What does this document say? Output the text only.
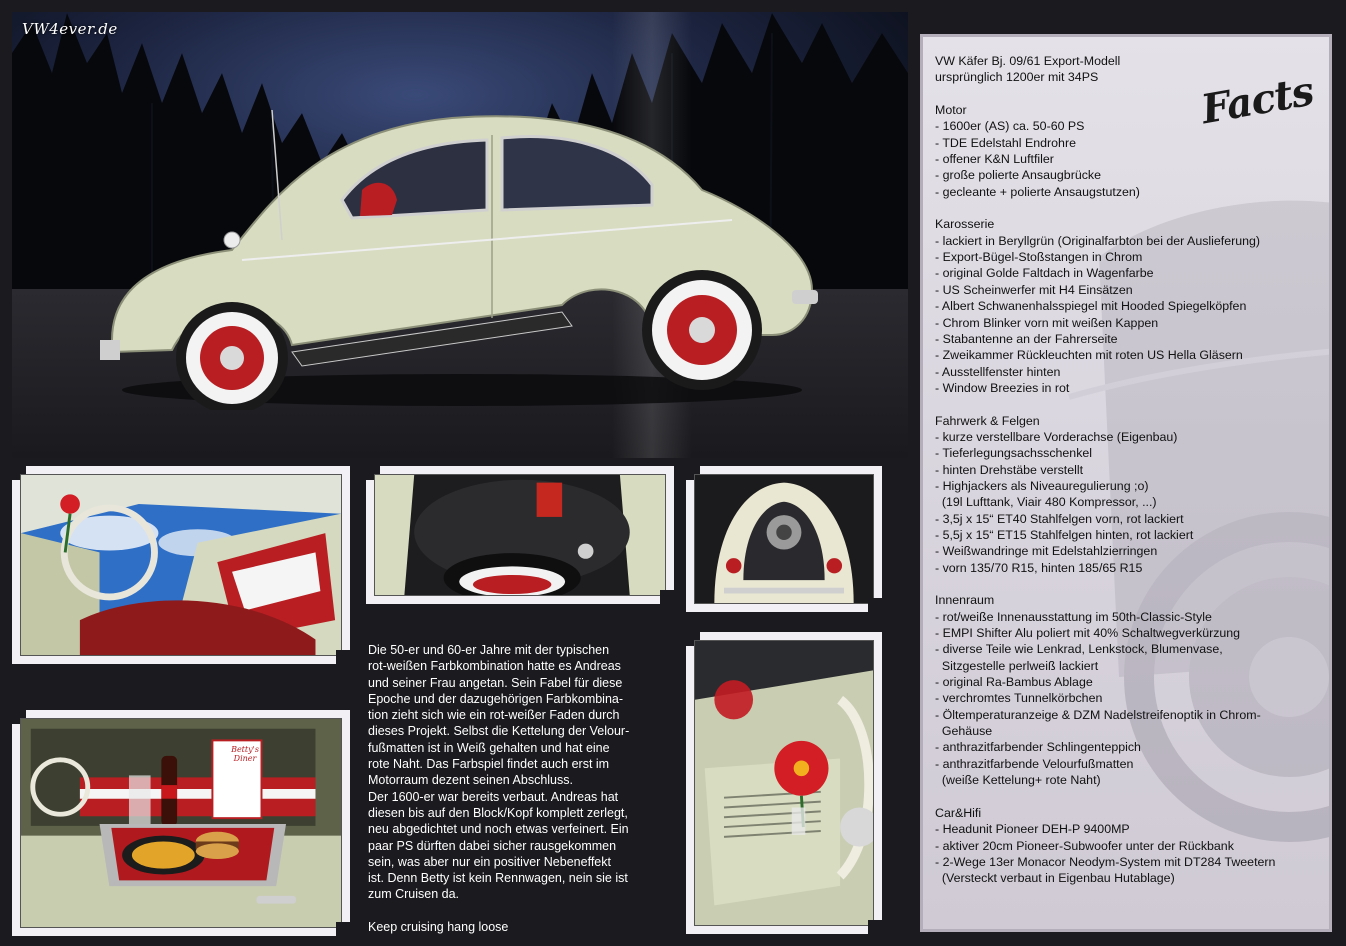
VW4ever.de
Betty's Diner

Die 50-er und 60-er Jahre mit der typischen
rot-weißen Farbkombination hatte es Andreas
und seiner Frau angetan. Sein Fabel für diese
Epoche und der dazugehörigen Farbkombina-
tion zieht sich wie ein rot-weißer Faden durch
dieses Projekt. Selbst die Kettelung der Velour-
fußmatten ist in Weiß gehalten und hat eine
rote Naht. Das Farbspiel findet auch erst im
Motorraum dezent seinen Abschluss.
Der 1600-er war bereits verbaut. Andreas hat
diesen bis auf den Block/Kopf komplett zerlegt,
neu abgedichtet und noch etwas verfeinert. Ein
paar PS dürften dabei sicher rausgekommen
sein, was aber nur ein positiver Nebeneffekt
ist. Denn Betty ist kein Rennwagen, nein sie ist
zum Cruisen da.

Keep cruising hang loose

VW Käfer Bj. 09/61 Export-Modell
ursprünglich 1200er mit 34PS
Motor
- 1600er (AS) ca. 50-60 PS
- TDE Edelstahl Endrohre
- offener K&N Luftfiler
- große polierte Ansaugbrücke
- gecleante + polierte Ansaugstutzen)
Karosserie
- lackiert in Beryllgrün (Originalfarbton bei der Auslieferung)
- Export-Bügel-Stoßstangen in Chrom
- original Golde Faltdach in Wagenfarbe
- US Scheinwerfer mit H4 Einsätzen
- Albert Schwanenhalsspiegel mit Hooded Spiegelköpfen
- Chrom Blinker vorn mit weißen Kappen
- Stabantenne an der Fahrerseite
- Zweikammer Rückleuchten mit roten US Hella Gläsern
- Ausstellfenster hinten
- Window Breezies in rot
Fahrwerk & Felgen
- kurze verstellbare Vorderachse (Eigenbau)
- Tieferlegungsachsschenkel
- hinten Drehstäbe verstellt
- Highjackers als Niveauregulierung ;o)
(19l Lufttank, Viair 480 Kompressor, ...)
- 3,5j x 15“ ET40 Stahlfelgen vorn, rot lackiert
- 5,5j x 15“ ET15 Stahlfelgen hinten, rot lackiert
- Weißwandringe mit Edelstahlzierringen
- vorn 135/70 R15, hinten 185/65 R15
Innenraum
- rot/weiße Innenausstattung im 50th-Classic-Style
- EMPI Shifter Alu poliert mit 40% Schaltwegverkürzung
- diverse Teile wie Lenkrad, Lenkstock, Blumenvase,
Sitzgestelle perlweiß lackiert
- original Ra-Bambus Ablage
- verchromtes Tunnelkörbchen
- Öltemperaturanzeige & DZM Nadelstreifenoptik in Chrom-
Gehäuse
- anthrazitfarbender Schlingenteppich
- anthrazitfarbende Velourfußmatten
(weiße Kettelung+ rote Naht)
Car&Hifi
- Headunit Pioneer DEH-P 9400MP
- aktiver 20cm Pioneer-Subwoofer unter der Rückbank
- 2-Wege 13er Monacor Neodym-System mit DT284 Tweetern
(Versteckt verbaut in Eigenbau Hutablage)
Facts
